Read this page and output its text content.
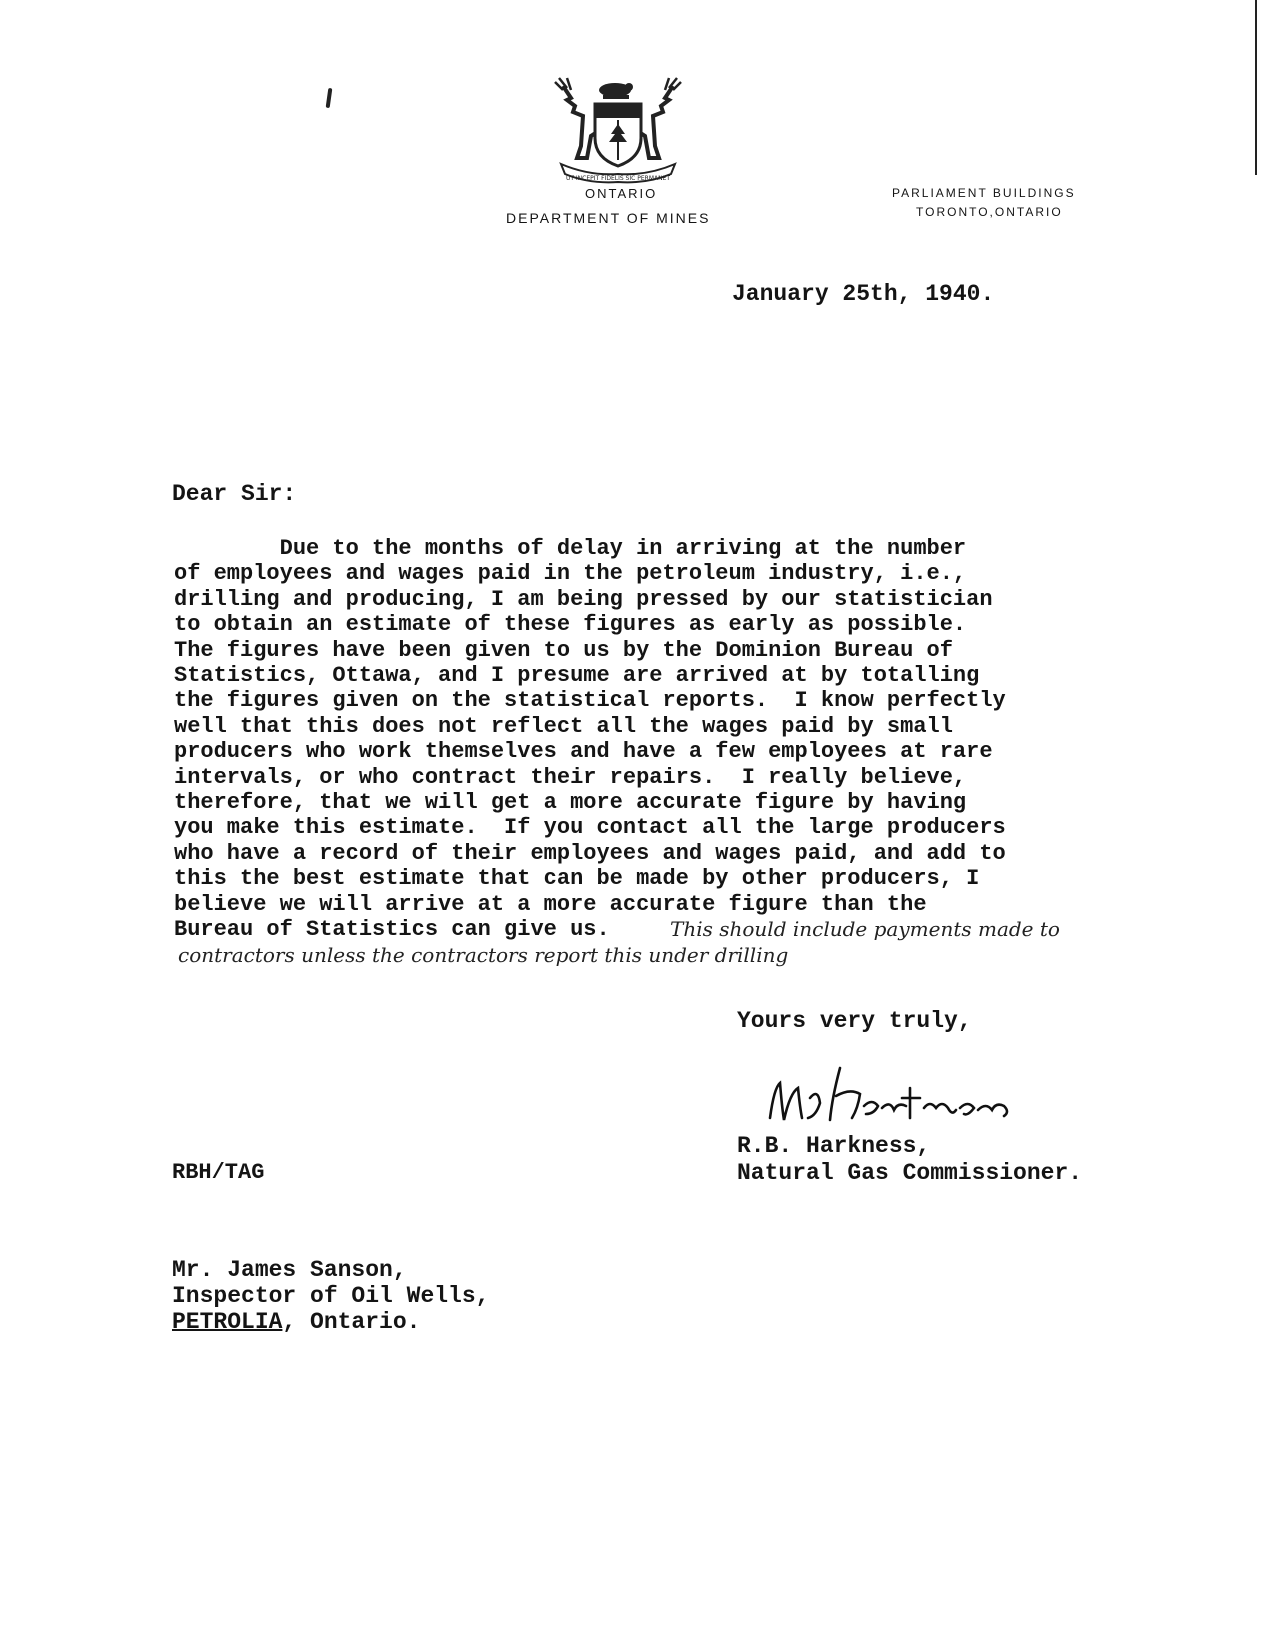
UT INCEPIT FIDELIS SIC PERMANET
ONTARIO
DEPARTMENT OF MINES
PARLIAMENT BUILDINGS
TORONTO,ONTARIO
January 25th, 1940.
Dear Sir:
Due to the months of delay in arriving at the number
of employees and wages paid in the petroleum industry, i.e.,
drilling and producing, I am being pressed by our statistician
to obtain an estimate of these figures as early as possible.
The figures have been given to us by the Dominion Bureau of
Statistics, Ottawa, and I presume are arrived at by totalling
the figures given on the statistical reports.  I know perfectly
well that this does not reflect all the wages paid by small
producers who work themselves and have a few employees at rare
intervals, or who contract their repairs.  I really believe,
therefore, that we will get a more accurate figure by having
you make this estimate.  If you contact all the large producers
who have a record of their employees and wages paid, and add to
this the best estimate that can be made by other producers, I
believe we will arrive at a more accurate figure than the
Bureau of Statistics can give us.	This should include payments made to
contractors unless the contractors report this under drilling
Yours very truly,
R.B. Harkness,
Natural Gas Commissioner.
RBH/TAG
Mr. James Sanson,
Inspector of Oil Wells,
PETROLIA, Ontario.
